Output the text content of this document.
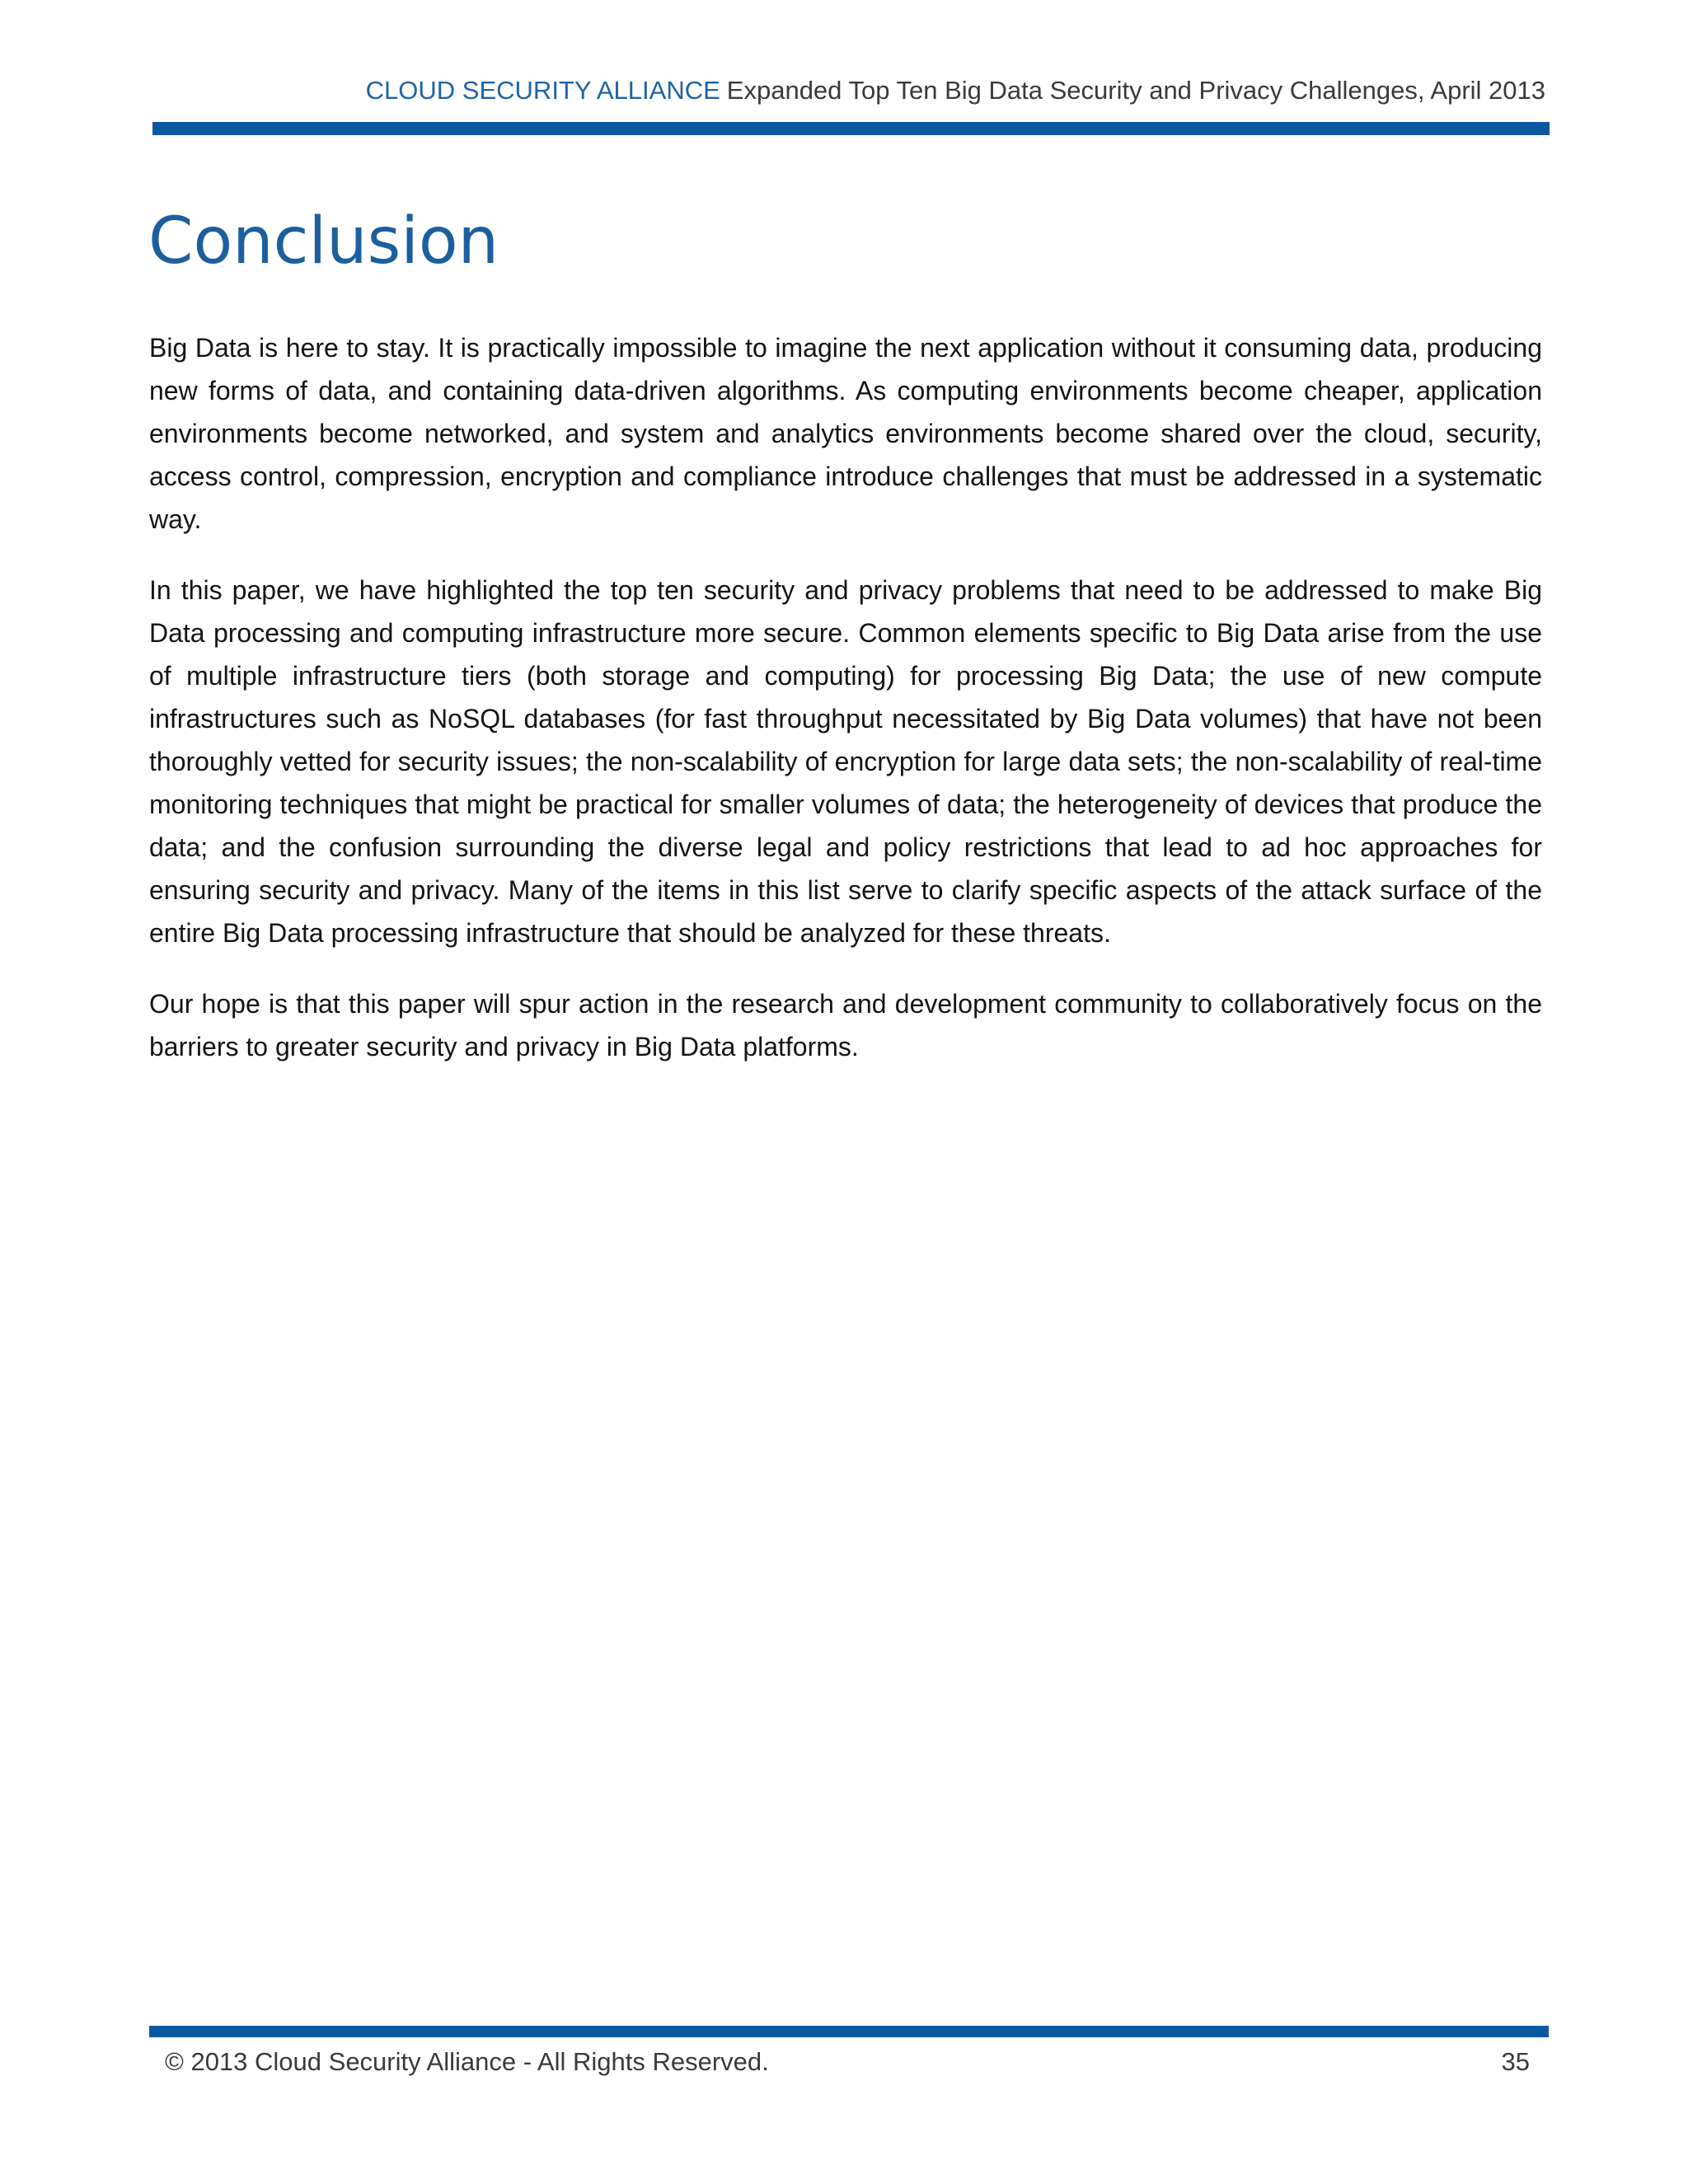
CLOUD SECURITY ALLIANCE Expanded Top Ten Big Data Security and Privacy Challenges, April 2013
Conclusion

Big Data is here to stay. It is practically impossible to imagine the next application without it consuming data, producing new forms of data, and containing data-driven algorithms. As computing environments become cheaper, application environments become networked, and system and analytics environments become shared over the cloud, security, access control, compression, encryption and compliance introduce challenges that must be addressed in a systematic way.

In this paper, we have highlighted the top ten security and privacy problems that need to be addressed to make Big Data processing and computing infrastructure more secure. Common elements specific to Big Data arise from the use of multiple infrastructure tiers (both storage and computing) for processing Big Data; the use of new compute infrastructures such as NoSQL databases (for fast throughput necessitated by Big Data volumes) that have not been thoroughly vetted for security issues; the non-scalability of encryption for large data sets; the non-scalability of real-time monitoring techniques that might be practical for smaller volumes of data; the heterogeneity of devices that produce the data; and the confusion surrounding the diverse legal and policy restrictions that lead to ad hoc approaches for ensuring security and privacy. Many of the items in this list serve to clarify specific aspects of the attack surface of the entire Big Data processing infrastructure that should be analyzed for these threats.

Our hope is that this paper will spur action in the research and development community to collaboratively focus on the barriers to greater security and privacy in Big Data platforms.

© 2013 Cloud Security Alliance - All Rights Reserved.	35
